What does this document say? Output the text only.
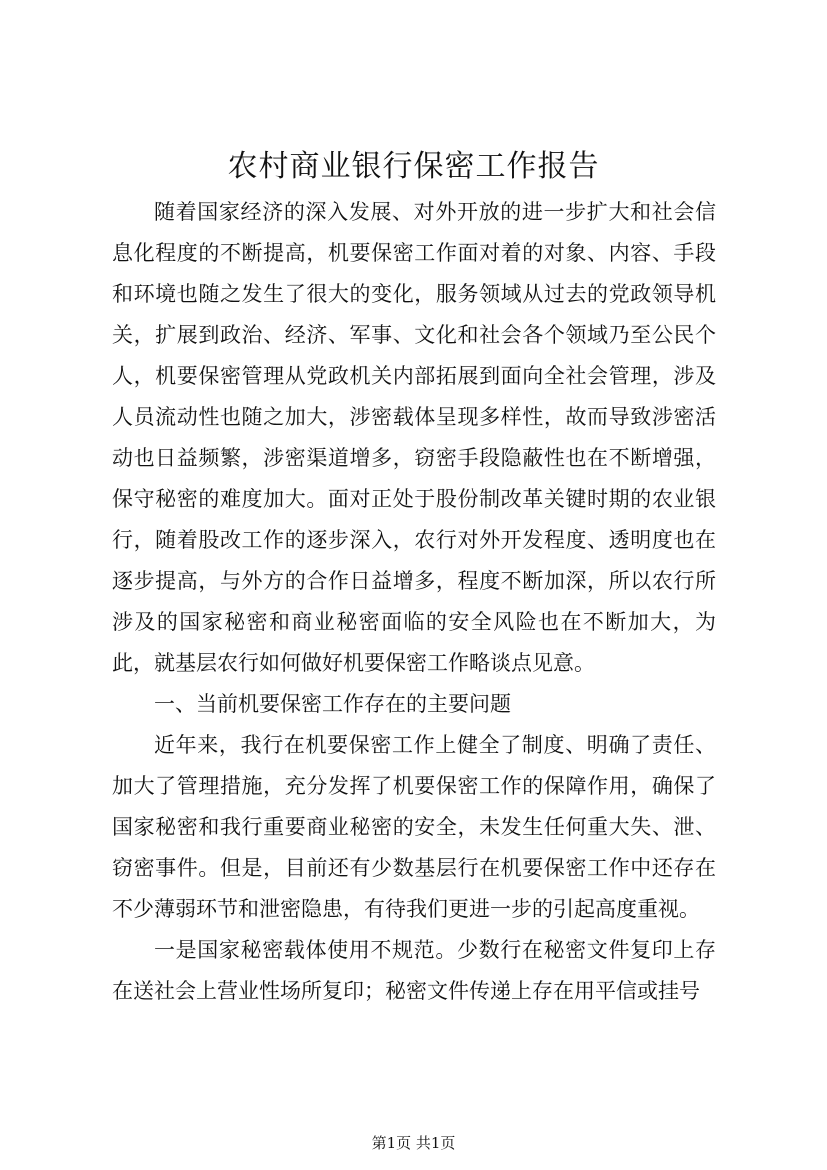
农村商业银行保密工作报告

随着国家经济的深入发展、对外开放的进一步扩大和社会信息化程度的不断提高，机要保密工作面对着的对象、内容、手段和环境也随之发生了很大的变化，服务领域从过去的党政领导机关，扩展到政治、经济、军事、文化和社会各个领域乃至公民个人，机要保密管理从党政机关内部拓展到面向全社会管理，涉及人员流动性也随之加大，涉密载体呈现多样性，故而导致涉密活动也日益频繁，涉密渠道增多，窃密手段隐蔽性也在不断增强，保守秘密的难度加大。面对正处于股份制改革关键时期的农业银行，随着股改工作的逐步深入，农行对外开发程度、透明度也在逐步提高，与外方的合作日益增多，程度不断加深，所以农行所涉及的国家秘密和商业秘密面临的安全风险也在不断加大，为此，就基层农行如何做好机要保密工作略谈点见意。

一、当前机要保密工作存在的主要问题

近年来，我行在机要保密工作上健全了制度、明确了责任、加大了管理措施，充分发挥了机要保密工作的保障作用，确保了国家秘密和我行重要商业秘密的安全，未发生任何重大失、泄、窃密事件。但是，目前还有少数基层行在机要保密工作中还存在不少薄弱环节和泄密隐患，有待我们更进一步的引起高度重视。

一是国家秘密载体使用不规范。少数行在秘密文件复印上存在送社会上营业性场所复印；秘密文件传递上存在用平信或挂号

第1页 共1页
